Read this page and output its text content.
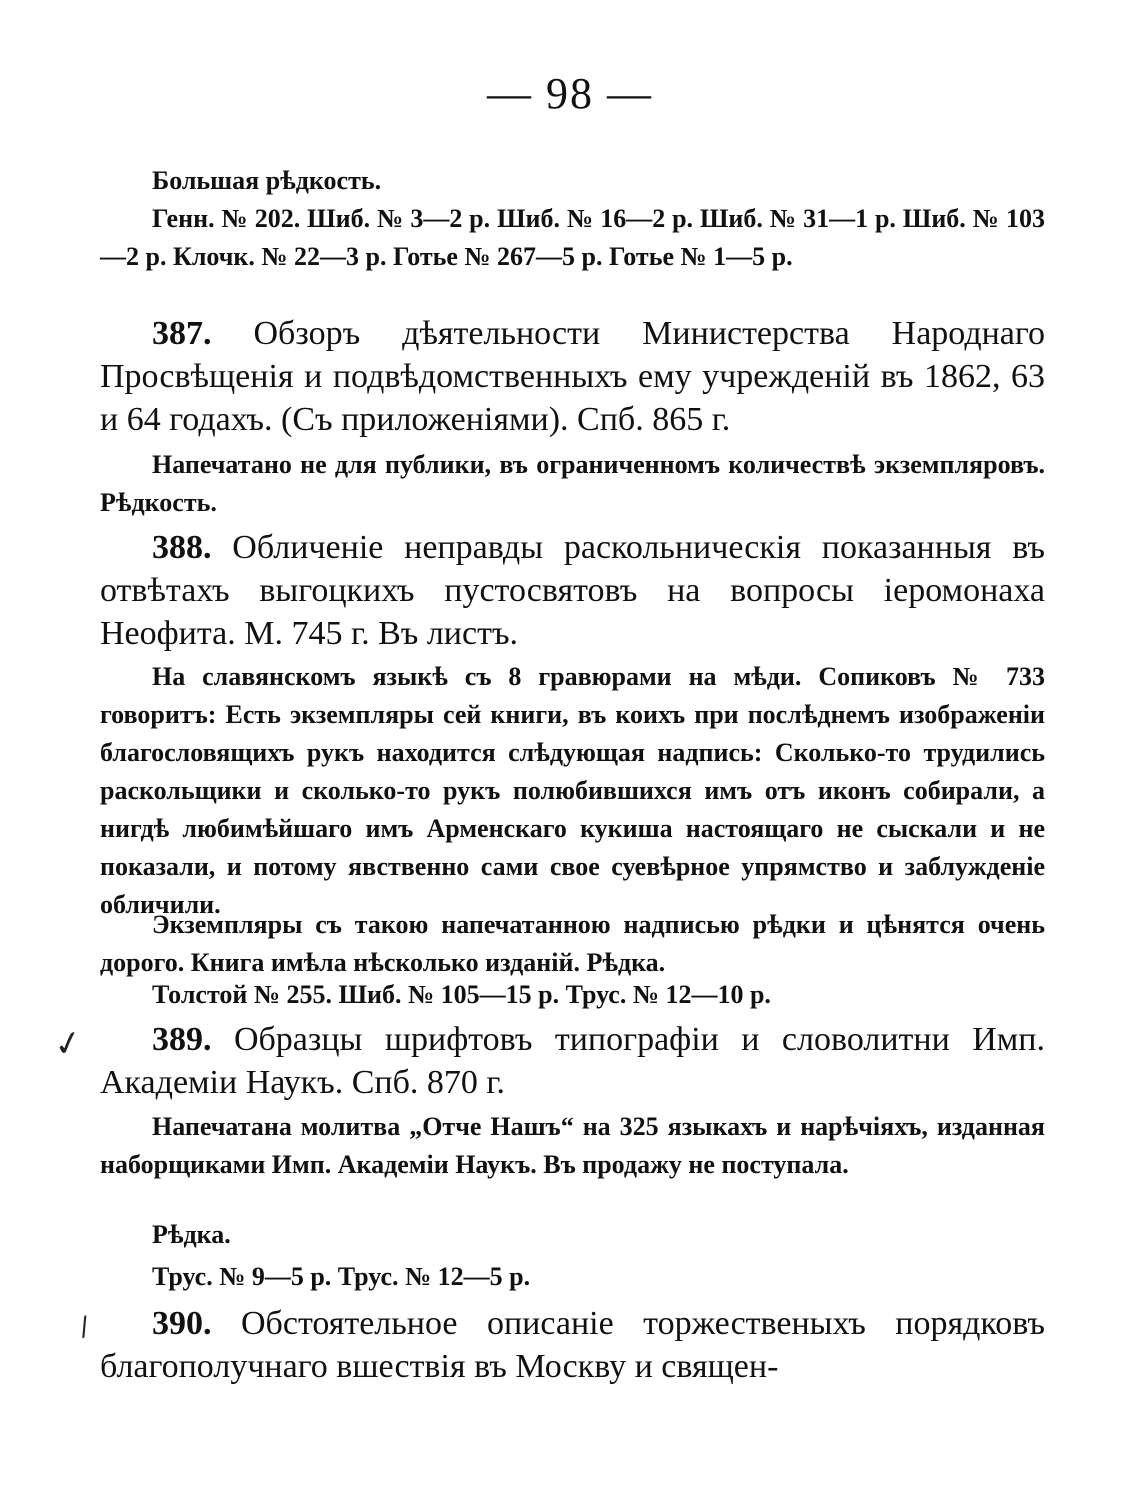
— 98 —
Большая рѣдкость.
Генн. № 202. Шиб. № 3—2 р. Шиб. № 16—2 р. Шиб. № 31—1 р. Шиб. № 103—2 р. Клочк. № 22—3 р. Готье № 267—5 р. Готье № 1—5 р.
387. Обзоръ дѣятельности Министерства Народнаго Просвѣщенія и подвѣдомственныхъ ему учрежденій въ 1862, 63 и 64 годахъ. (Съ приложеніями). Спб. 865 г.
Напечатано не для публики, въ ограниченномъ количествѣ экземпляровъ. Рѣдкость.
388. Обличеніе неправды раскольническія показанныя въ отвѣтахъ выгоцкихъ пустосвятовъ на вопросы іеромонаха Неофита. М. 745 г. Въ листъ.
На славянскомъ языкѣ съ 8 гравюрами на мѣди. Сопиковъ № 733 говоритъ: Есть экземпляры сей книги, въ коихъ при послѣднемъ изображеніи благословящихъ рукъ находится слѣдующая надпись: Сколько-то трудились раскольщики и сколько-то рукъ полюбившихся имъ отъ иконъ собирали, а нигдѣ любимѣйшаго имъ Арменскаго кукиша настоящаго не сыскали и не показали, и потому явственно сами свое суевѣрное упрямство и заблужденіе обличили.
Экземпляры съ такою напечатанною надписью рѣдки и цѣнятся очень дорого. Книга имѣла нѣсколько изданій. Рѣдка.
Толстой № 255. Шиб. № 105—15 р. Трус. № 12—10 р.
✓	389. Образцы шрифтовъ типографіи и словолитни Имп. Академіи Наукъ. Спб. 870 г.
Напечатана молитва „Отче Нашъ“ на 325 языкахъ и нарѣчіяхъ, изданная наборщиками Имп. Академіи Наукъ. Въ продажу не поступала.
Рѣдка.
Трус. № 9—5 р. Трус. № 12—5 р.
/	390. Обстоятельное описаніе торжественыхъ порядковъ благополучнаго вшествія въ Москву и священ-
